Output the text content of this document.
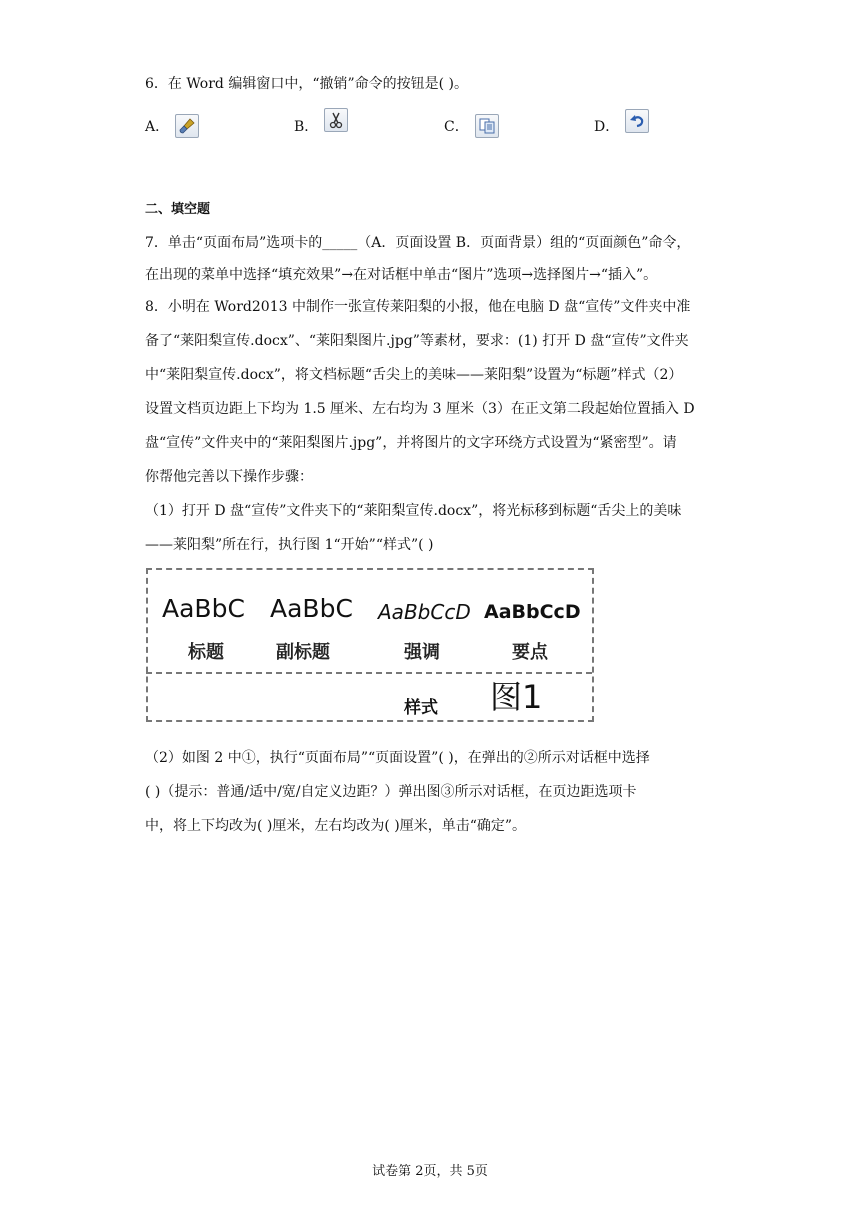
6．在 Word 编辑窗口中，“撤销”命令的按钮是( )。
A．	B．	C．	D．
二、填空题
7．单击“页面布局”选项卡的_____（A．页面设置 B．页面背景）组的“页面颜色”命令，
在出现的菜单中选择“填充效果”→在对话框中单击“图片”选项→选择图片→“插入”。
8．小明在 Word2013 中制作一张宣传莱阳梨的小报，他在电脑 D 盘“宣传”文件夹中准
备了“莱阳梨宣传.docx”、“莱阳梨图片.jpg”等素材，要求：(1) 打开 D 盘“宣传”文件夹
中“莱阳梨宣传.docx”，将文档标题“舌尖上的美味——莱阳梨”设置为“标题”样式（2）
设置文档页边距上下均为 1.5 厘米、左右均为 3 厘米（3）在正文第二段起始位置插入 D
盘“宣传”文件夹中的“莱阳梨图片.jpg”，并将图片的文字环绕方式设置为“紧密型”。请
你帮他完善以下操作步骤：
（1）打开 D 盘“宣传”文件夹下的“莱阳梨宣传.docx”，将光标移到标题“舌尖上的美味
——莱阳梨”所在行，执行图 1“开始”“样式”( )
AaBbC AaBbC AaBbCcD AaBbCcD
标题	副标题	强调	要点
样式 图1
（2）如图 2 中①，执行“页面布局”“页面设置”( )，在弹出的②所示对话框中选择
( )（提示：普通/适中/宽/自定义边距？）弹出图③所示对话框，在页边距选项卡
中，将上下均改为( )厘米，左右均改为( )厘米，单击“确定”。
试卷第 2页，共 5页
